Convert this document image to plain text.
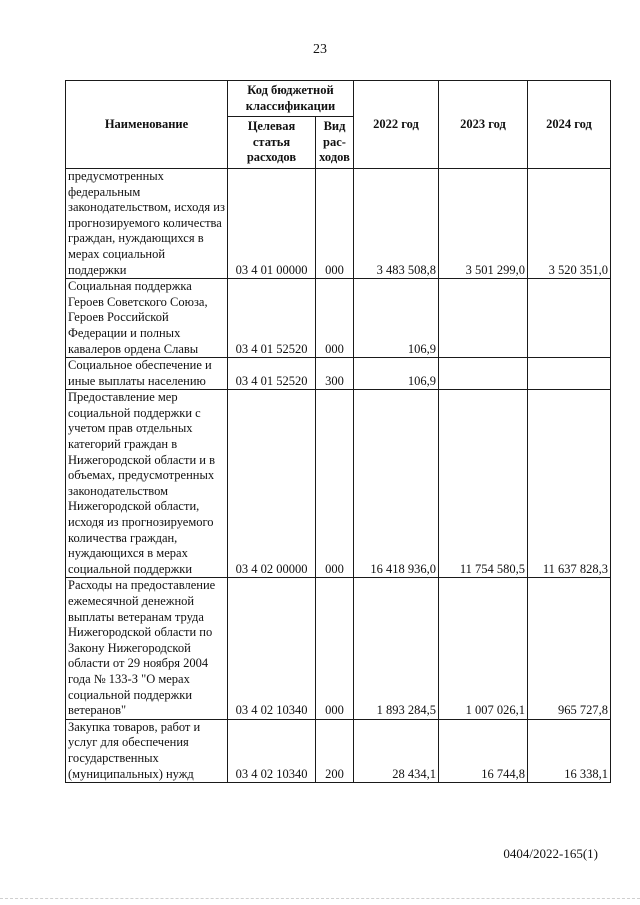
23
Наименование	Код бюджетной классификации		2022 год	2023 год	2024 год
	Целевая статья расходов	Вид рас-ходов			
предусмотренных федеральным законодательством, исходя из прогнозируемого количества граждан, нуждающихся в мерах социальной поддержки	03 4 01 00000	000	3 483 508,8	3 501 299,0	3 520 351,0
Социальная поддержка Героев Советского Союза, Героев Российской Федерации и полных кавалеров ордена Славы	03 4 01 52520	000	106,9		
Социальное обеспечение и иные выплаты населению	03 4 01 52520	300	106,9		
Предоставление мер социальной поддержки с учетом прав отдельных категорий граждан в Нижегородской области и в объемах, предусмотренных законодательством Нижегородской области, исходя из прогнозируемого количества граждан, нуждающихся в мерах социальной поддержки	03 4 02 00000	000	16 418 936,0	11 754 580,5	11 637 828,3
Расходы на предоставление ежемесячной денежной выплаты ветеранам труда Нижегородской области по Закону Нижегородской области от 29 ноября 2004 года № 133-З "О мерах социальной поддержки ветеранов"	03 4 02 10340	000	1 893 284,5	1 007 026,1	965 727,8
Закупка товаров, работ и услуг для обеспечения государственных (муниципальных) нужд	03 4 02 10340	200	28 434,1	16 744,8	16 338,1
0404/2022-165(1)
